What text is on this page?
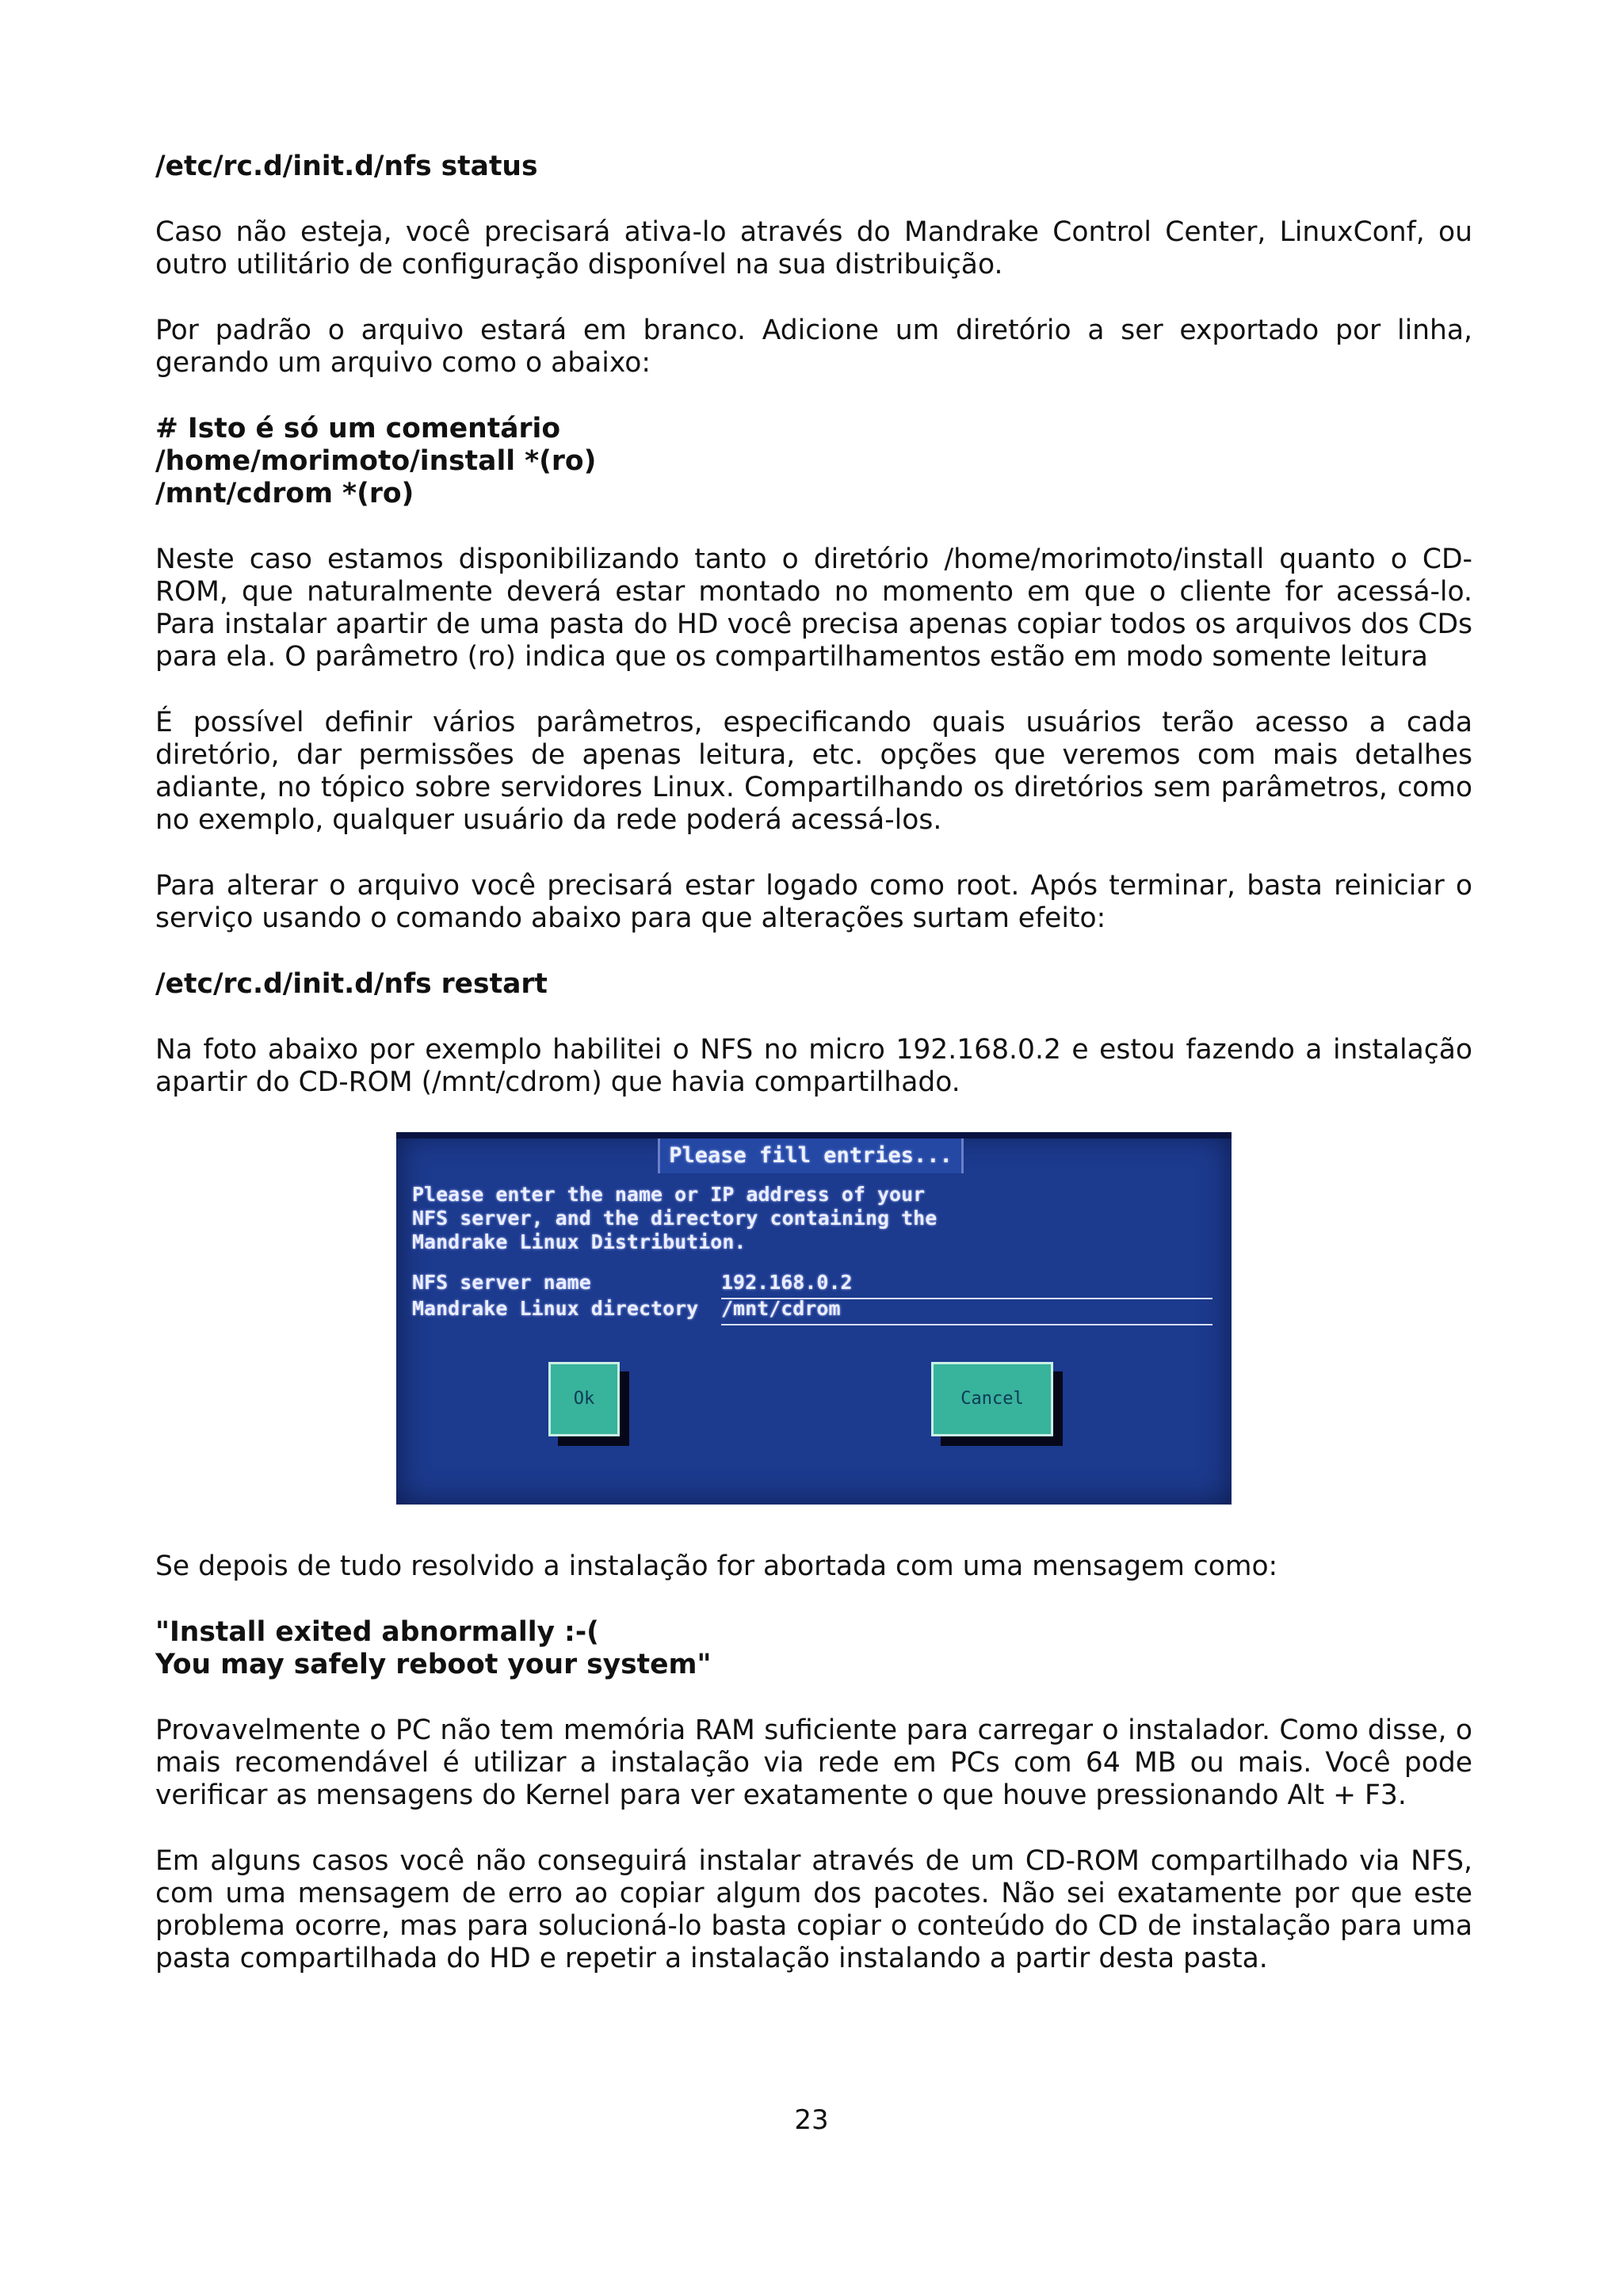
/etc/rc.d/init.d/nfs status

Caso não esteja, você precisará ativa-lo através do Mandrake Control Center, LinuxConf, ou outro utilitário de configuração disponível na sua distribuição.

Por padrão o arquivo estará em branco. Adicione um diretório a ser exportado por linha, gerando um arquivo como o abaixo:

# Isto é só um comentário
/home/morimoto/install *(ro)
/mnt/cdrom *(ro)

Neste caso estamos disponibilizando tanto o diretório /home/morimoto/install quanto o CD-ROM, que naturalmente deverá estar montado no momento em que o cliente for acessá-lo. Para instalar apartir de uma pasta do HD você precisa apenas copiar todos os arquivos dos CDs para ela. O parâmetro (ro) indica que os compartilhamentos estão em modo somente leitura

É possível definir vários parâmetros, especificando quais usuários terão acesso a cada diretório, dar permissões de apenas leitura, etc. opções que veremos com mais detalhes adiante, no tópico sobre servidores Linux. Compartilhando os diretórios sem parâmetros, como no exemplo, qualquer usuário da rede poderá acessá-los.

Para alterar o arquivo você precisará estar logado como root. Após terminar, basta reiniciar o serviço usando o comando abaixo para que alterações surtam efeito:

/etc/rc.d/init.d/nfs restart

Na foto abaixo por exemplo habilitei o NFS no micro 192.168.0.2 e estou fazendo a instalação apartir do CD-ROM (/mnt/cdrom) que havia compartilhado.

Please fill entries...
Please enter the name or IP address of your
NFS server, and the directory containing the
Mandrake Linux Distribution.
NFS server name	192.168.0.2
Mandrake Linux directory /mnt/cdrom
Ok	Cancel

Se depois de tudo resolvido a instalação for abortada com uma mensagem como:

"Install exited abnormally :-(
You may safely reboot your system"

Provavelmente o PC não tem memória RAM suficiente para carregar o instalador. Como disse, o mais recomendável é utilizar a instalação via rede em PCs com 64 MB ou mais. Você pode verificar as mensagens do Kernel para ver exatamente o que houve pressionando Alt + F3.

Em alguns casos você não conseguirá instalar através de um CD-ROM compartilhado via NFS, com uma mensagem de erro ao copiar algum dos pacotes. Não sei exatamente por que este problema ocorre, mas para solucioná-lo basta copiar o conteúdo do CD de instalação para uma pasta compartilhada do HD e repetir a instalação instalando a partir desta pasta.

23
